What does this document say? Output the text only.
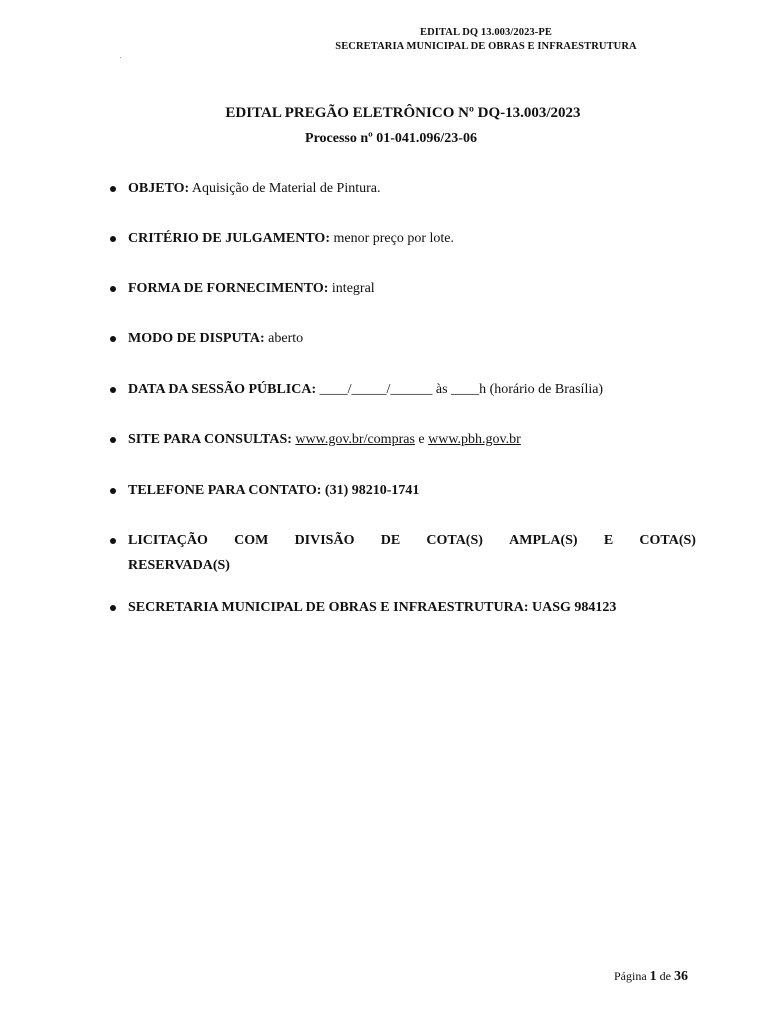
EDITAL DQ 13.003/2023-PE
SECRETARIA MUNICIPAL DE OBRAS E INFRAESTRUTURA
EDITAL PREGÃO ELETRÔNICO Nº DQ-13.003/2023
Processo nº 01-041.096/23-06
OBJETO: Aquisição de Material de Pintura.
CRITÉRIO DE JULGAMENTO: menor preço por lote.
FORMA DE FORNECIMENTO: integral
MODO DE DISPUTA: aberto
DATA DA SESSÃO PÚBLICA: ____/_____/______ às ____h (horário de Brasília)
SITE PARA CONSULTAS: www.gov.br/compras e www.pbh.gov.br
TELEFONE PARA CONTATO: (31) 98210-1741
LICITAÇÃO COM DIVISÃO DE COTA(S) AMPLA(S) E COTA(S)
RESERVADA(S)
SECRETARIA MUNICIPAL DE OBRAS E INFRAESTRUTURA: UASG 984123
Página 1 de 36
